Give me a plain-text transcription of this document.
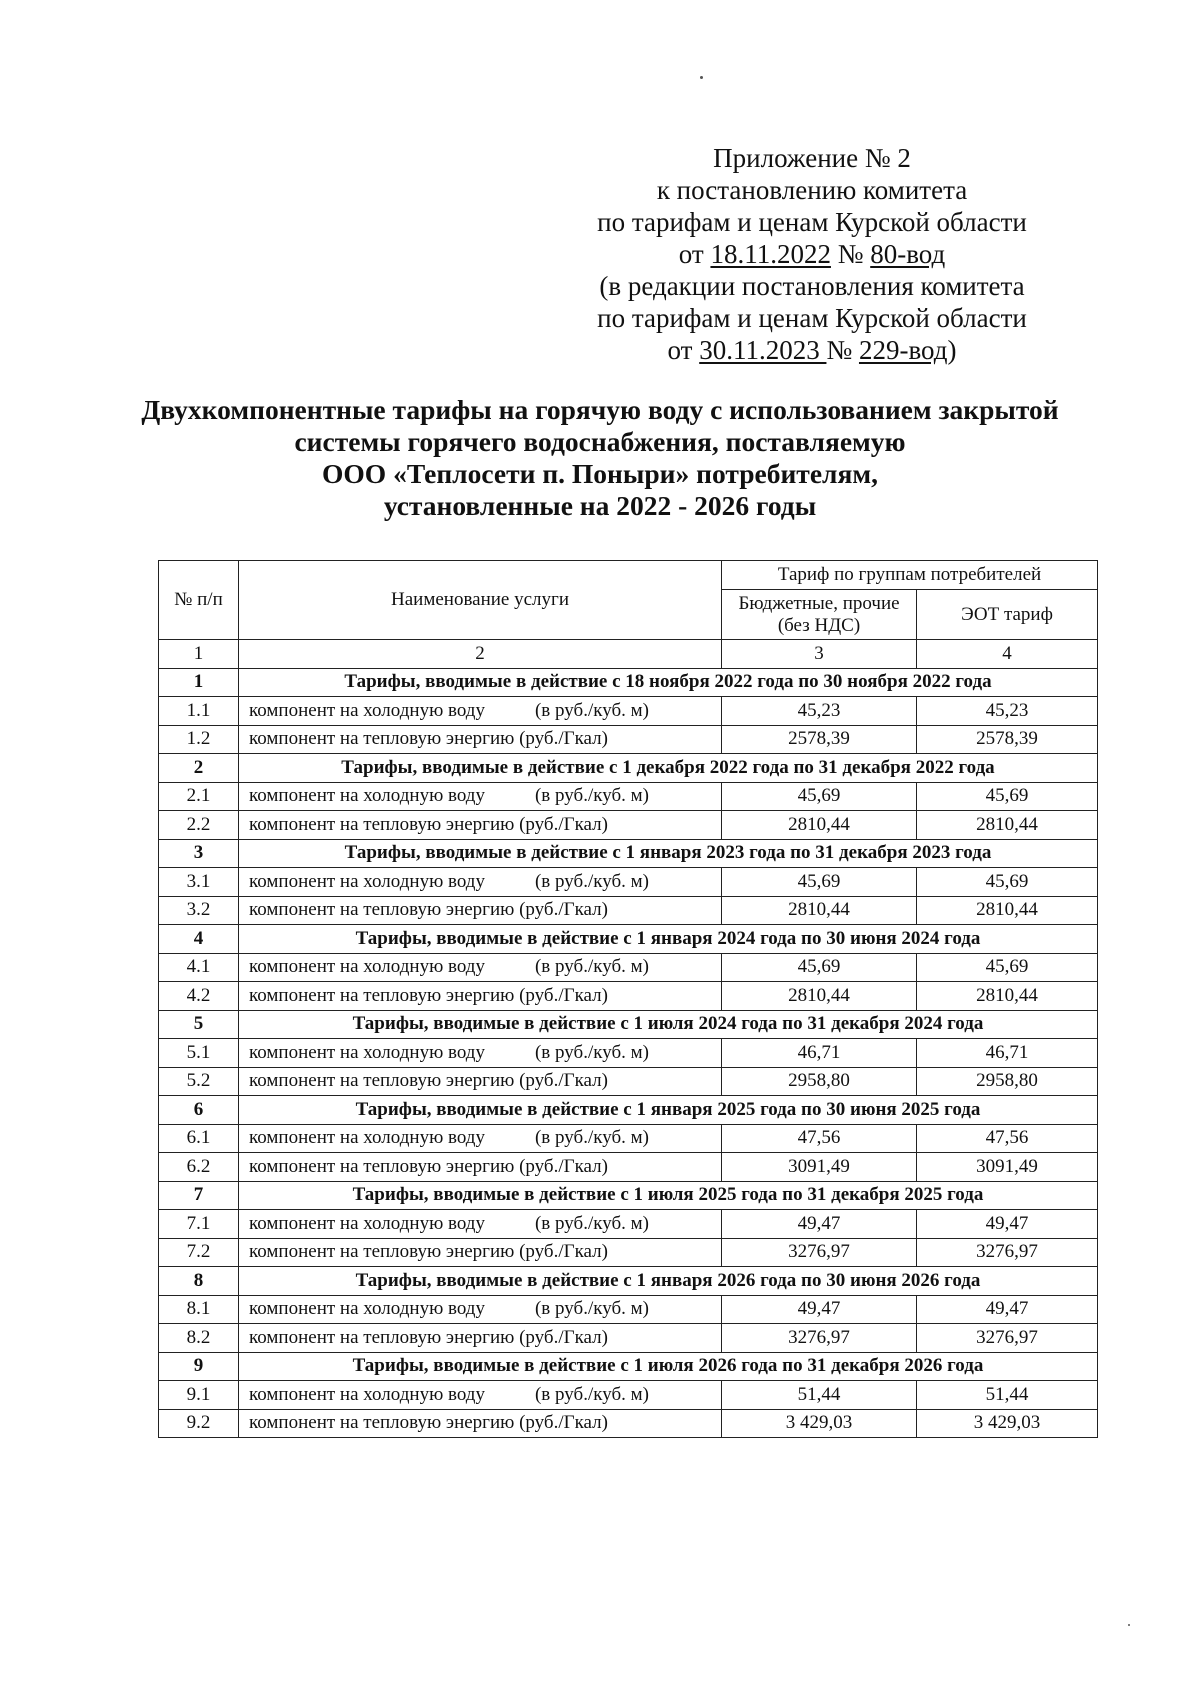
Приложение № 2
к постановлению комитета
по тарифам и ценам Курской области
от 18.11.2022 № 80-вод
(в редакции постановления комитета
по тарифам и ценам Курской области
от 30.11.2023 № 229-вод)
Двухкомпонентные тарифы на горячую воду с использованием закрытой
системы горячего водоснабжения, поставляемую
ООО «Теплосети п. Поныри» потребителям,
установленные на 2022 - 2026 годы
№ п/п	Наименование услуги	Тариф по группам потребителей	
		Бюджетные, прочие (без НДС)	ЭОТ тариф
1	2	3	4
1	Тарифы, вводимые в действие с 18 ноября 2022 года по 30 ноября 2022 года		
1.1	компонент на холодную воду (в руб./куб. м)	45,23	45,23
1.2	компонент на тепловую энергию (руб./Гкал)	2578,39	2578,39
2	Тарифы, вводимые в действие с 1 декабря 2022 года по 31 декабря 2022 года		
2.1	компонент на холодную воду (в руб./куб. м)	45,69	45,69
2.2	компонент на тепловую энергию (руб./Гкал)	2810,44	2810,44
3	Тарифы, вводимые в действие с 1 января 2023 года по 31 декабря 2023 года		
3.1	компонент на холодную воду (в руб./куб. м)	45,69	45,69
3.2	компонент на тепловую энергию (руб./Гкал)	2810,44	2810,44
4	Тарифы, вводимые в действие с 1 января 2024 года по 30 июня 2024 года		
4.1	компонент на холодную воду (в руб./куб. м)	45,69	45,69
4.2	компонент на тепловую энергию (руб./Гкал)	2810,44	2810,44
5	Тарифы, вводимые в действие с 1 июля 2024 года по 31 декабря 2024 года		
5.1	компонент на холодную воду (в руб./куб. м)	46,71	46,71
5.2	компонент на тепловую энергию (руб./Гкал)	2958,80	2958,80
6	Тарифы, вводимые в действие с 1 января 2025 года по 30 июня 2025 года		
6.1	компонент на холодную воду (в руб./куб. м)	47,56	47,56
6.2	компонент на тепловую энергию (руб./Гкал)	3091,49	3091,49
7	Тарифы, вводимые в действие с 1 июля 2025 года по 31 декабря 2025 года		
7.1	компонент на холодную воду (в руб./куб. м)	49,47	49,47
7.2	компонент на тепловую энергию (руб./Гкал)	3276,97	3276,97
8	Тарифы, вводимые в действие с 1 января 2026 года по 30 июня 2026 года		
8.1	компонент на холодную воду (в руб./куб. м)	49,47	49,47
8.2	компонент на тепловую энергию (руб./Гкал)	3276,97	3276,97
9	Тарифы, вводимые в действие с 1 июля 2026 года по 31 декабря 2026 года		
9.1	компонент на холодную воду (в руб./куб. м)	51,44	51,44
9.2	компонент на тепловую энергию (руб./Гкал)	3 429,03	3 429,03
